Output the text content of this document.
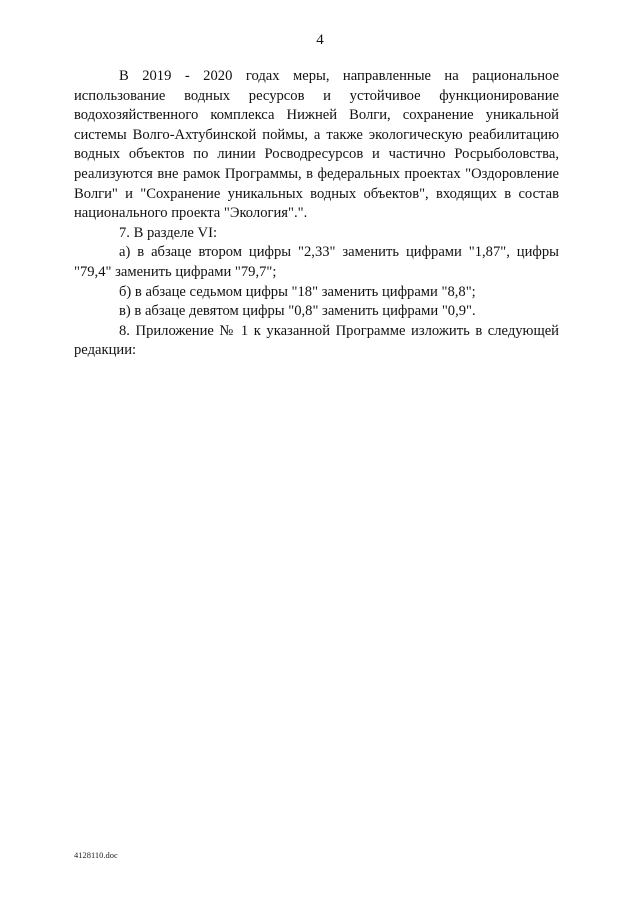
4

В 2019 - 2020 годах меры, направленные на рациональное использование водных ресурсов и устойчивое функционирование водохозяйственного комплекса Нижней Волги, сохранение уникальной системы Волго-Ахтубинской поймы, а также экологическую реабилитацию водных объектов по линии Росводресурсов и частично Росрыболовства, реализуются вне рамок Программы, в федеральных проектах "Оздоровление Волги" и "Сохранение уникальных водных объектов", входящих в состав национального проекта "Экология".".

7. В разделе VI:

а) в абзаце втором цифры "2,33" заменить цифрами "1,87", цифры "79,4" заменить цифрами "79,7";

б) в абзаце седьмом цифры "18" заменить цифрами "8,8";

в) в абзаце девятом цифры "0,8" заменить цифрами "0,9".

8. Приложение № 1 к указанной Программе изложить в следующей редакции:

4128110.doc
